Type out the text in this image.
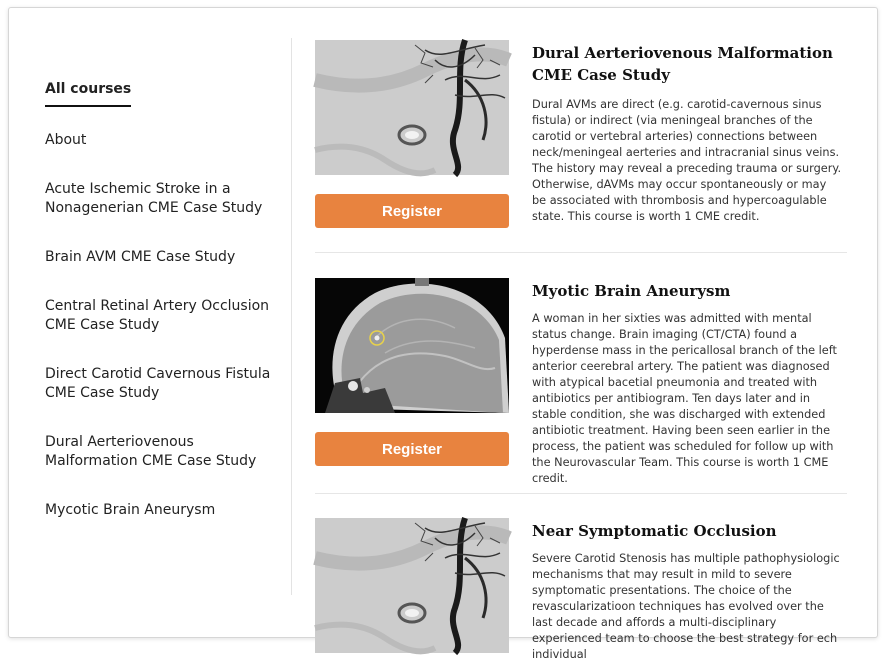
All courses
About
Acute Ischemic Stroke in a Nonagenerian CME Case Study
Brain AVM CME Case Study
Central Retinal Artery Occlusion CME Case Study
Direct Carotid Cavernous Fistula CME Case Study
Dural Aerteriovenous Malformation CME Case Study
Mycotic Brain Aneurysm
Register
Dural Aerteriovenous Malformation CME Case Study

Dural AVMs are direct (e.g. carotid-cavernous sinus fistula) or indirect (via meningeal branches of the carotid or vertebral arteries) connections between neck/meningeal aerteries and intracranial sinus veins. The history may reveal a preceding trauma or surgery. Otherwise, dAVMs may occur spontaneously or may be associated with thrombosis and hypercoagulable state. This course is worth 1 CME credit.

Register
Myotic Brain Aneurysm

A woman in her sixties was admitted with mental status change. Brain imaging (CT/CTA) found a hyperdense mass in the pericallosal branch of the left anterior ceerebral artery. The patient was diagnosed with atypical bacetial pneumonia and treated with antibiotics per antibiogram. Ten days later and in stable condition, she was discharged with extended antibiotic treatment. Having been seen earlier in the process, the patient was scheduled for follow up with the Neurovascular Team. This course is worth 1 CME credit.

Near Symptomatic Occlusion

Severe Carotid Stenosis has multiple pathophysiologic mechanisms that may result in mild to severe symptomatic presentations. The choice of the revascularizatioon techniques has evolved over the last decade and affords a multi-disciplinary experienced team to choose the best strategy for ech individual
